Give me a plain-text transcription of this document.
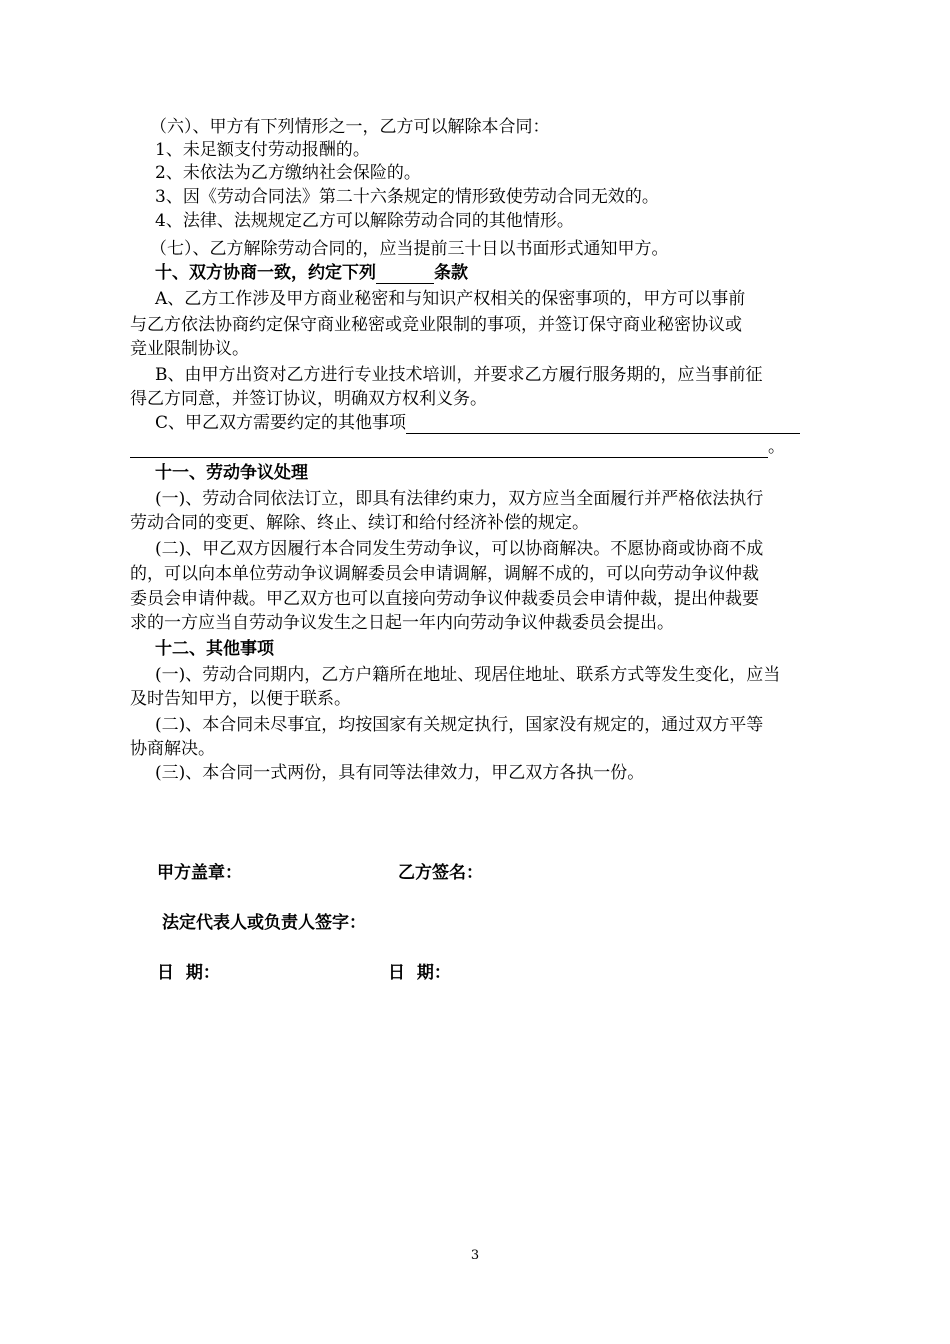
（六）、甲方有下列情形之一，乙方可以解除本合同：
1、未足额支付劳动报酬的。
2、未依法为乙方缴纳社会保险的。
3、因《劳动合同法》第二十六条规定的情形致使劳动合同无效的。
4、法律、法规规定乙方可以解除劳动合同的其他情形。
（七）、乙方解除劳动合同的，应当提前三十日以书面形式通知甲方。
十、双方协商一致，约定下列	条款
A、乙方工作涉及甲方商业秘密和与知识产权相关的保密事项的，甲方可以事前
与乙方依法协商约定保守商业秘密或竞业限制的事项，并签订保守商业秘密协议或
竞业限制协议。
B、由甲方出资对乙方进行专业技术培训，并要求乙方履行服务期的，应当事前征
得乙方同意，并签订协议，明确双方权利义务。
C、甲乙双方需要约定的其他事项
。
十一、劳动争议处理
(一)、劳动合同依法订立，即具有法律约束力，双方应当全面履行并严格依法执行
劳动合同的变更、解除、终止、续订和给付经济补偿的规定。
(二)、甲乙双方因履行本合同发生劳动争议，可以协商解决。不愿协商或协商不成
的，可以向本单位劳动争议调解委员会申请调解，调解不成的，可以向劳动争议仲裁
委员会申请仲裁。甲乙双方也可以直接向劳动争议仲裁委员会申请仲裁，提出仲裁要
求的一方应当自劳动争议发生之日起一年内向劳动争议仲裁委员会提出。
十二、其他事项
(一)、劳动合同期内，乙方户籍所在地址、现居住地址、联系方式等发生变化，应当
及时告知甲方，以便于联系。
(二)、本合同未尽事宜，均按国家有关规定执行，国家没有规定的，通过双方平等
协商解决。
(三)、本合同一式两份，具有同等法律效力，甲乙双方各执一份。
甲方盖章：	乙方签名：
法定代表人或负责人签字：
日  期：	日  期：
3
